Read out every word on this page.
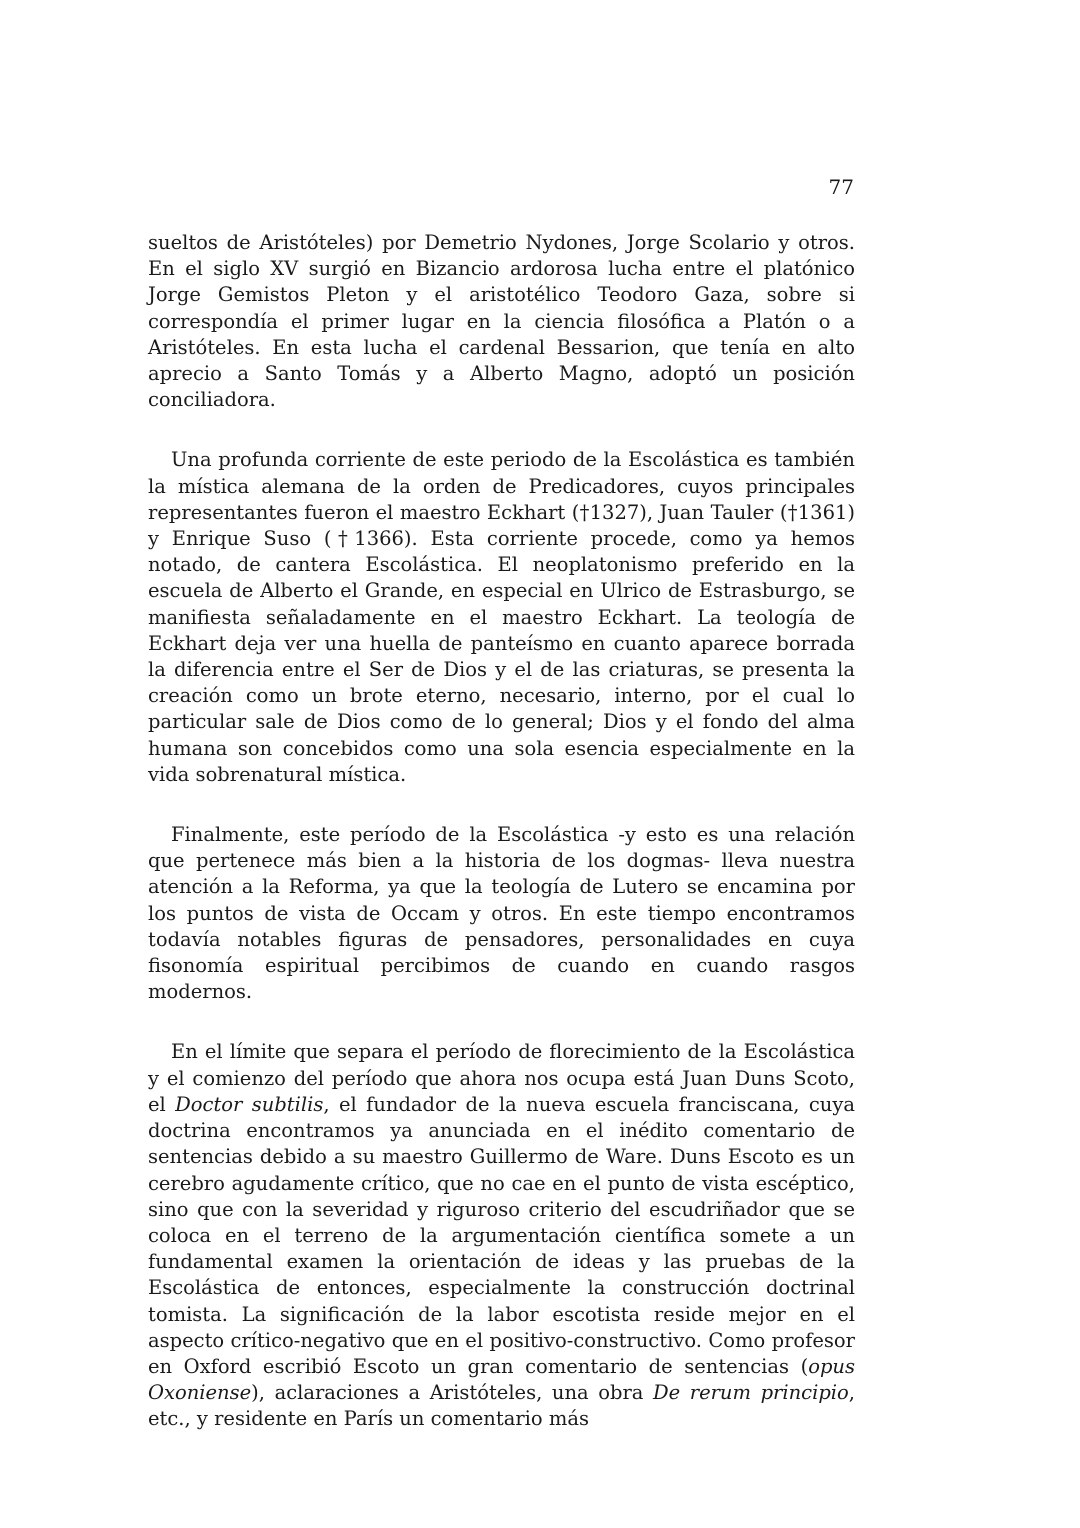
77

sueltos de Aristóteles) por Demetrio Nydones, Jorge Scolario y otros. En el siglo XV surgió en Bizancio ardorosa lucha entre el platónico Jorge Gemistos Pleton y el aristotélico Teodoro Gaza, sobre si correspondía el primer lugar en la ciencia filosófica a Platón o a Aristóteles. En esta lucha el cardenal Bessarion, que tenía en alto aprecio a Santo Tomás y a Alberto Magno, adoptó un posición conciliadora.

Una profunda corriente de este periodo de la Escolástica es también la mística alemana de la orden de Predicadores, cuyos principales representantes fueron el maestro Eckhart (†1327), Juan Tauler (†1361) y Enrique Suso (†1366). Esta corriente procede, como ya hemos notado, de cantera Escolástica. El neoplatonismo preferido en la escuela de Alberto el Grande, en especial en Ulrico de Estrasburgo, se manifiesta señaladamente en el maestro Eckhart. La teología de Eckhart deja ver una huella de panteísmo en cuanto aparece borrada la diferencia entre el Ser de Dios y el de las criaturas, se presenta la creación como un brote eterno, necesario, interno, por el cual lo particular sale de Dios como de lo general; Dios y el fondo del alma humana son concebidos como una sola esencia especialmente en la vida sobrenatural mística.

Finalmente, este período de la Escolástica -y esto es una relación que pertenece más bien a la historia de los dogmas- lleva nuestra atención a la Reforma, ya que la teología de Lutero se encamina por los puntos de vista de Occam y otros. En este tiempo encontramos todavía notables figuras de pensadores, personalidades en cuya fisonomía espiritual percibimos de cuando en cuando rasgos modernos.

En el límite que separa el período de florecimiento de la Escolástica y el comienzo del período que ahora nos ocupa está Juan Duns Scoto, el Doctor subtilis, el fundador de la nueva escuela franciscana, cuya doctrina encontramos ya anunciada en el inédito comentario de sentencias debido a su maestro Guillermo de Ware. Duns Escoto es un cerebro agudamente crítico, que no cae en el punto de vista escéptico, sino que con la severidad y riguroso criterio del escudriñador que se coloca en el terreno de la argumentación científica somete a un fundamental examen la orientación de ideas y las pruebas de la Escolástica de entonces, especialmente la construcción doctrinal tomista. La significación de la labor escotista reside mejor en el aspecto crítico-negativo que en el positivo-constructivo. Como profesor en Oxford escribió Escoto un gran comentario de sentencias (opus Oxoniense), aclaraciones a Aristóteles, una obra De rerum principio, etc., y residente en París un comentario más
